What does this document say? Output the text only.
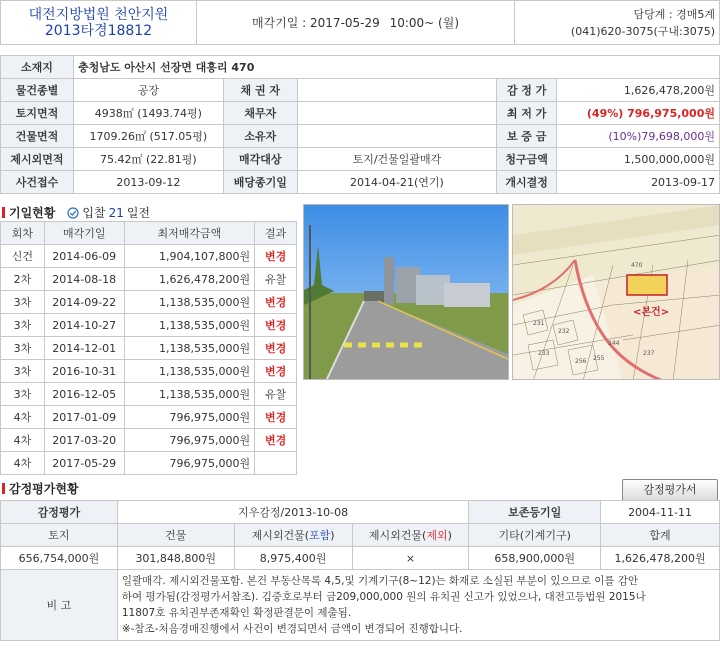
대전지방법원 천안지원
2013타경18812	매각기일 : 2017-05-29 10:00~ (월)	
담당계 : 경매5계
(041)620-3075(구내:3075)
소재지	충청남도 아산시 선장면 대흥리 470				
물건종별	공장	채 권 자		감 정 가	1,626,478,200원
토지면적	4938㎡ (1493.74평)	채무자		최 저 가	(49%) 796,975,000원
건물면적	1709.26㎡ (517.05평)	소유자		보 증 금	(10%)79,698,000원
제시외면적	75.42㎡ (22.81평)	매각대상	토지/건물일괄매각	청구금액	1,500,000,000원
사건접수	2013-09-12	배당종기일	2014-04-21(연기)	개시결정	2013-09-17
기일현황 입찰 21 일전
회차	매각기일	최저매각금액	결과
신건	2014-06-09	1,904,107,800원	변경
2차	2014-08-18	1,626,478,200원	유찰
3차	2014-09-22	1,138,535,000원	변경
3차	2014-10-27	1,138,535,000원	변경
3차	2014-12-01	1,138,535,000원	변경
3차	2016-10-31	1,138,535,000원	변경
3차	2016-12-05	1,138,535,000원	유찰
4차	2017-01-09	796,975,000원	변경
4차	2017-03-20	796,975,000원	변경
4차	2017-05-29	796,975,000원	
<본건>
470
255
231
232
233
244
256
237
감정평가현황	감정평가서
감정평가	지우감정/2013-10-08			보존등기일	2004-11-11
토지	건물	제시외건물(포함)	제시외건물(제외)	기타(기계기구)	합계
656,754,000원	301,848,800원	8,975,400원	×	658,900,000원	1,626,478,200원
비 고	일괄매각. 제시외건물포함. 본건 부동산목록 4,5,및 기계기구(8~12)는 화재로 소실된 부분이 있으므로 이를 감안
하여 평가됨(감정평가서참조). 김중호로부터 금209,000,000 원의 유치권 신고가 있었으나, 대전고등법원 2015나
11807호 유치권부존재확인 확정판결문이 제출됨.
※-참조-처음경매진행에서 사건이 변경되면서 금액이 변경되어 진행합니다.				
